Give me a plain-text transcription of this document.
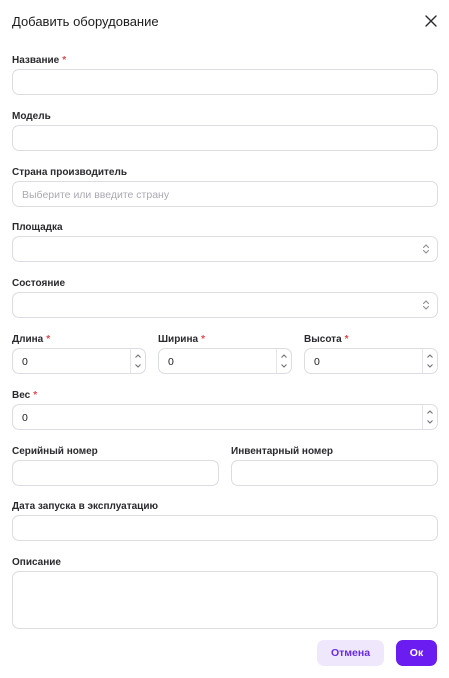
Добавить оборудование
Название *
Модель
Страна производитель
Выберите или введите страну
Площадка
Состояние
Длина *
0
Ширина *
0
Высота *
0
Вес *
0
Серийный номер	Инвентарный номер
Дата запуска в эксплуатацию
Описание
Отмена	Ок
